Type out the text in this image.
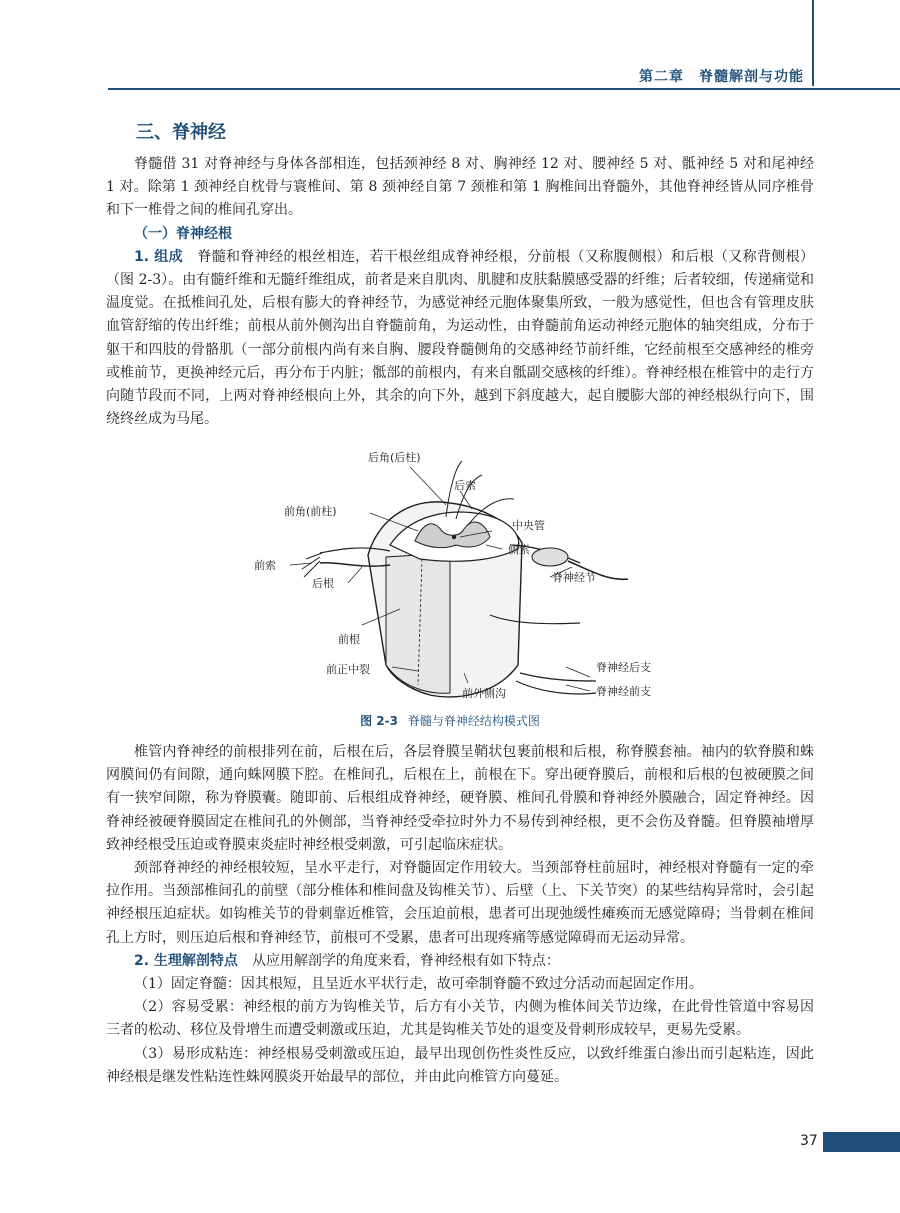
第二章　脊髓解剖与功能
三、脊神经

脊髓借 31 对脊神经与身体各部相连，包括颈神经 8 对、胸神经 12 对、腰神经 5 对、骶神经 5 对和尾神经 1 对。除第 1 颈神经自枕骨与寰椎间、第 8 颈神经自第 7 颈椎和第 1 胸椎间出脊髓外，其他脊神经皆从同序椎骨和下一椎骨之间的椎间孔穿出。

（一）脊神经根

1. 组成　 脊髓和脊神经的根丝相连，若干根丝组成脊神经根，分前根（又称腹侧根）和后根（又称背侧根）（图 2-3）。由有髓纤维和无髓纤维组成，前者是来自肌肉、肌腱和皮肤黏膜感受器的纤维；后者较细，传递痛觉和温度觉。在抵椎间孔处，后根有膨大的脊神经节，为感觉神经元胞体聚集所致，一般为感觉性，但也含有管理皮肤血管舒缩的传出纤维；前根从前外侧沟出自脊髓前角，为运动性，由脊髓前角运动神经元胞体的轴突组成，分布于躯干和四肢的骨骼肌（一部分前根内尚有来自胸、腰段脊髓侧角的交感神经节前纤维，它经前根至交感神经的椎旁或椎前节，更换神经元后，再分布于内脏；骶部的前根内，有来自骶副交感核的纤维）。脊神经根在椎管中的走行方向随节段而不同，上两对脊神经根向上外，其余的向下外，越到下斜度越大，起自腰膨大部的神经根纵行向下，围绕终丝成为马尾。

后角(后柱)
后索
前角(前柱)
中央管
侧索
前索
后根	脊神经节
前根
前正中裂	脊神经后支
前外侧沟	脊神经前支
图 2-3 脊髓与脊神经结构模式图

椎管内脊神经的前根排列在前，后根在后，各层脊膜呈鞘状包裹前根和后根，称脊膜套袖。袖内的软脊膜和蛛网膜间仍有间隙，通向蛛网膜下腔。在椎间孔，后根在上，前根在下。穿出硬脊膜后，前根和后根的包被硬膜之间有一狭窄间隙，称为脊膜囊。随即前、后根组成脊神经，硬脊膜、椎间孔骨膜和脊神经外膜融合，固定脊神经。因脊神经被硬脊膜固定在椎间孔的外侧部，当脊神经受牵拉时外力不易传到神经根，更不会伤及脊髓。但脊膜袖增厚致神经根受压迫或脊膜束炎症时神经根受刺激，可引起临床症状。

颈部脊神经的神经根较短，呈水平走行，对脊髓固定作用较大。当颈部脊柱前屈时，神经根对脊髓有一定的牵拉作用。当颈部椎间孔的前壁（部分椎体和椎间盘及钩椎关节）、后壁（上、下关节突）的某些结构异常时，会引起神经根压迫症状。如钩椎关节的骨刺靠近椎管，会压迫前根，患者可出现弛缓性瘫痪而无感觉障碍；当骨刺在椎间孔上方时，则压迫后根和脊神经节，前根可不受累，患者可出现疼痛等感觉障碍而无运动异常。

2. 生理解剖特点　 从应用解剖学的角度来看，脊神经根有如下特点：

（1）固定脊髓：因其根短，且呈近水平状行走，故可牵制脊髓不致过分活动而起固定作用。

（2）容易受累：神经根的前方为钩椎关节，后方有小关节，内侧为椎体间关节边缘，在此骨性管道中容易因三者的松动、移位及骨增生而遭受刺激或压迫，尤其是钩椎关节处的退变及骨刺形成较早，更易先受累。

（3）易形成粘连：神经根易受刺激或压迫，最早出现创伤性炎性反应，以致纤维蛋白渗出而引起粘连，因此神经根是继发性粘连性蛛网膜炎开始最早的部位，并由此向椎管方向蔓延。

37
